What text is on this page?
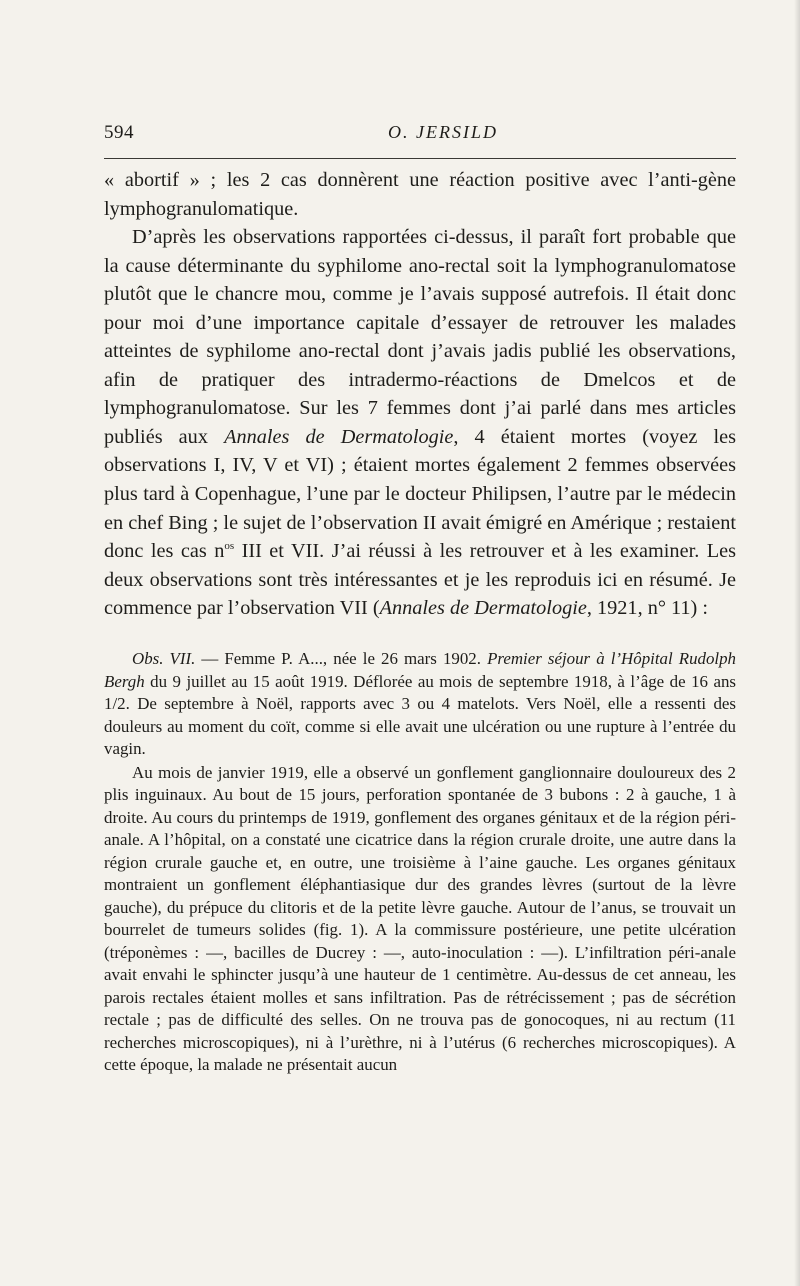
594	O. JERSILD

« abortif » ; les 2 cas donnèrent une réaction positive avec l’anti-gène lymphogranulomatique.

D’après les observations rapportées ci-dessus, il paraît fort probable que la cause déterminante du syphilome ano-rectal soit la lymphogranulomatose plutôt que le chancre mou, comme je l’avais supposé autrefois. Il était donc pour moi d’une importance capitale d’essayer de retrouver les malades atteintes de syphilome ano-rectal dont j’avais jadis publié les observations, afin de pratiquer des intradermo-réactions de Dmelcos et de lymphogranulomatose. Sur les 7 femmes dont j’ai parlé dans mes articles publiés aux Annales de Dermatologie, 4 étaient mortes (voyez les observations I, IV, V et VI) ; étaient mortes également 2 femmes observées plus tard à Copenhague, l’une par le docteur Philipsen, l’autre par le médecin en chef Bing ; le sujet de l’observation II avait émigré en Amérique ; restaient donc les cas $n^{os}$ III et VII. J’ai réussi à les retrouver et à les examiner. Les deux observations sont très intéressantes et je les reproduis ici en résumé. Je commence par l’observation VII (Annales de Dermatologie, 1921, n° 11) :

Obs. VII. — Femme P. A..., née le 26 mars 1902. Premier séjour à l’Hôpital Rudolph Bergh du 9 juillet au 15 août 1919. Déflorée au mois de septembre 1918, à l’âge de 16 ans 1/2. De septembre à Noël, rapports avec 3 ou 4 matelots. Vers Noël, elle a ressenti des douleurs au moment du coït, comme si elle avait une ulcération ou une rupture à l’entrée du vagin.

Au mois de janvier 1919, elle a observé un gonflement ganglionnaire douloureux des 2 plis inguinaux. Au bout de 15 jours, perforation spontanée de 3 bubons : 2 à gauche, 1 à droite. Au cours du printemps de 1919, gonflement des organes génitaux et de la région péri-anale. A l’hôpital, on a constaté une cicatrice dans la région crurale droite, une autre dans la région crurale gauche et, en outre, une troisième à l’aine gauche. Les organes génitaux montraient un gonflement éléphantiasique dur des grandes lèvres (surtout de la lèvre gauche), du prépuce du clitoris et de la petite lèvre gauche. Autour de l’anus, se trouvait un bourrelet de tumeurs solides (fig. 1). A la commissure postérieure, une petite ulcération (tréponèmes : —, bacilles de Ducrey : —, auto-inoculation : —). L’infiltration péri-anale avait envahi le sphincter jusqu’à une hauteur de 1 centimètre. Au-dessus de cet anneau, les parois rectales étaient molles et sans infiltration. Pas de rétrécissement ; pas de sécrétion rectale ; pas de difficulté des selles. On ne trouva pas de gonocoques, ni au rectum (11 recherches microscopiques), ni à l’urèthre, ni à l’utérus (6 recherches microscopiques). A cette époque, la malade ne présentait aucun
